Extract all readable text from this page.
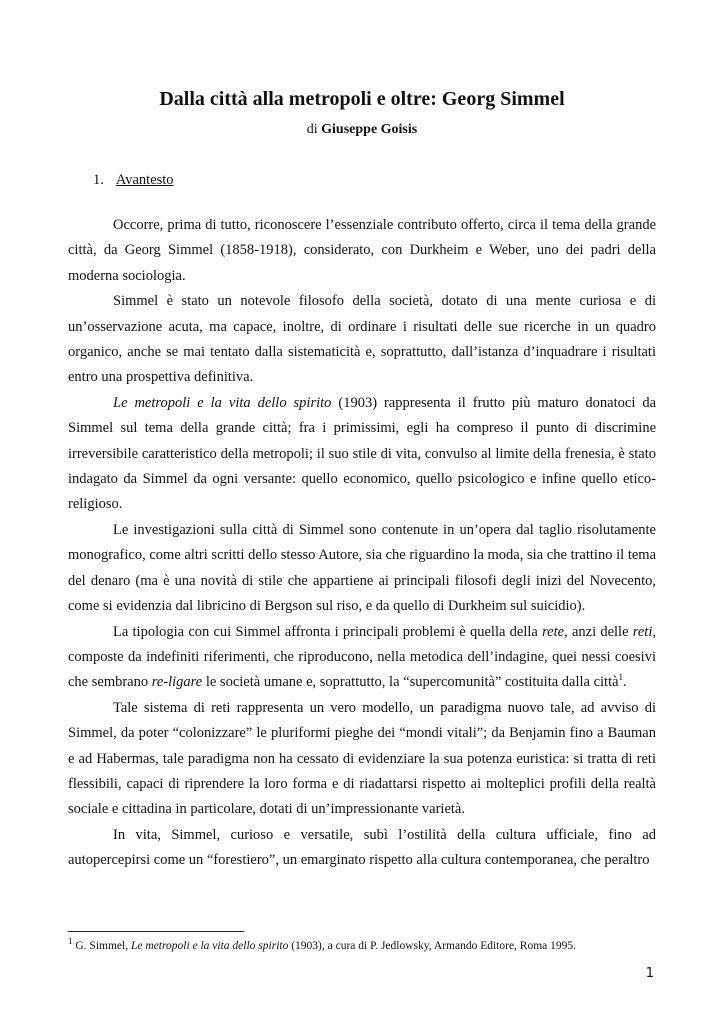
Dalla città alla metropoli e oltre: Georg Simmel
di Giuseppe Goisis
1. Avantesto

Occorre, prima di tutto, riconoscere l’essenziale contributo offerto, circa il tema della grande città, da Georg Simmel (1858-1918), considerato, con Durkheim e Weber, uno dei padri della moderna sociologia.

Simmel è stato un notevole filosofo della società, dotato di una mente curiosa e di un’osservazione acuta, ma capace, inoltre, di ordinare i risultati delle sue ricerche in un quadro organico, anche se mai tentato dalla sistematicità e, soprattutto, dall’istanza d’inquadrare i risultati entro una prospettiva definitiva.

Le metropoli e la vita dello spirito (1903) rappresenta il frutto più maturo donatoci da Simmel sul tema della grande città; fra i primissimi, egli ha compreso il punto di discrimine irreversibile caratteristico della metropoli; il suo stile di vita, convulso al limite della frenesia, è stato indagato da Simmel da ogni versante: quello economico, quello psicologico e infine quello etico-religioso.

Le investigazioni sulla città di Simmel sono contenute in un’opera dal taglio risolutamente monografico, come altri scritti dello stesso Autore, sia che riguardino la moda, sia che trattino il tema del denaro (ma è una novità di stile che appartiene ai principali filosofi degli inizi del Novecento, come si evidenzia dal libricino di Bergson sul riso, e da quello di Durkheim sul suicidio).

La tipologia con cui Simmel affronta i principali problemi è quella della rete, anzi delle reti, composte da indefiniti riferimenti, che riproducono, nella metodica dell’indagine, quei nessi coesivi che sembrano re-ligare le società umane e, soprattutto, la “supercomunità” costituita dalla città$^1$.

Tale sistema di reti rappresenta un vero modello, un paradigma nuovo tale, ad avviso di Simmel, da poter “colonizzare” le pluriformi pieghe dei “mondi vitali”; da Benjamin fino a Bauman e ad Habermas, tale paradigma non ha cessato di evidenziare la sua potenza euristica: si tratta di reti flessibili, capaci di riprendere la loro forma e di riadattarsi rispetto ai molteplici profili della realtà sociale e cittadina in particolare, dotati di un’impressionante varietà.

In vita, Simmel, curioso e versatile, subì l’ostilità della cultura ufficiale, fino ad autopercepirsi come un “forestiero”, un emarginato rispetto alla cultura contemporanea, che peraltro

$^1$ G. Simmel, Le metropoli e la vita dello spirito (1903), a cura di P. Jedlowsky, Armando Editore, Roma 1995.
1
